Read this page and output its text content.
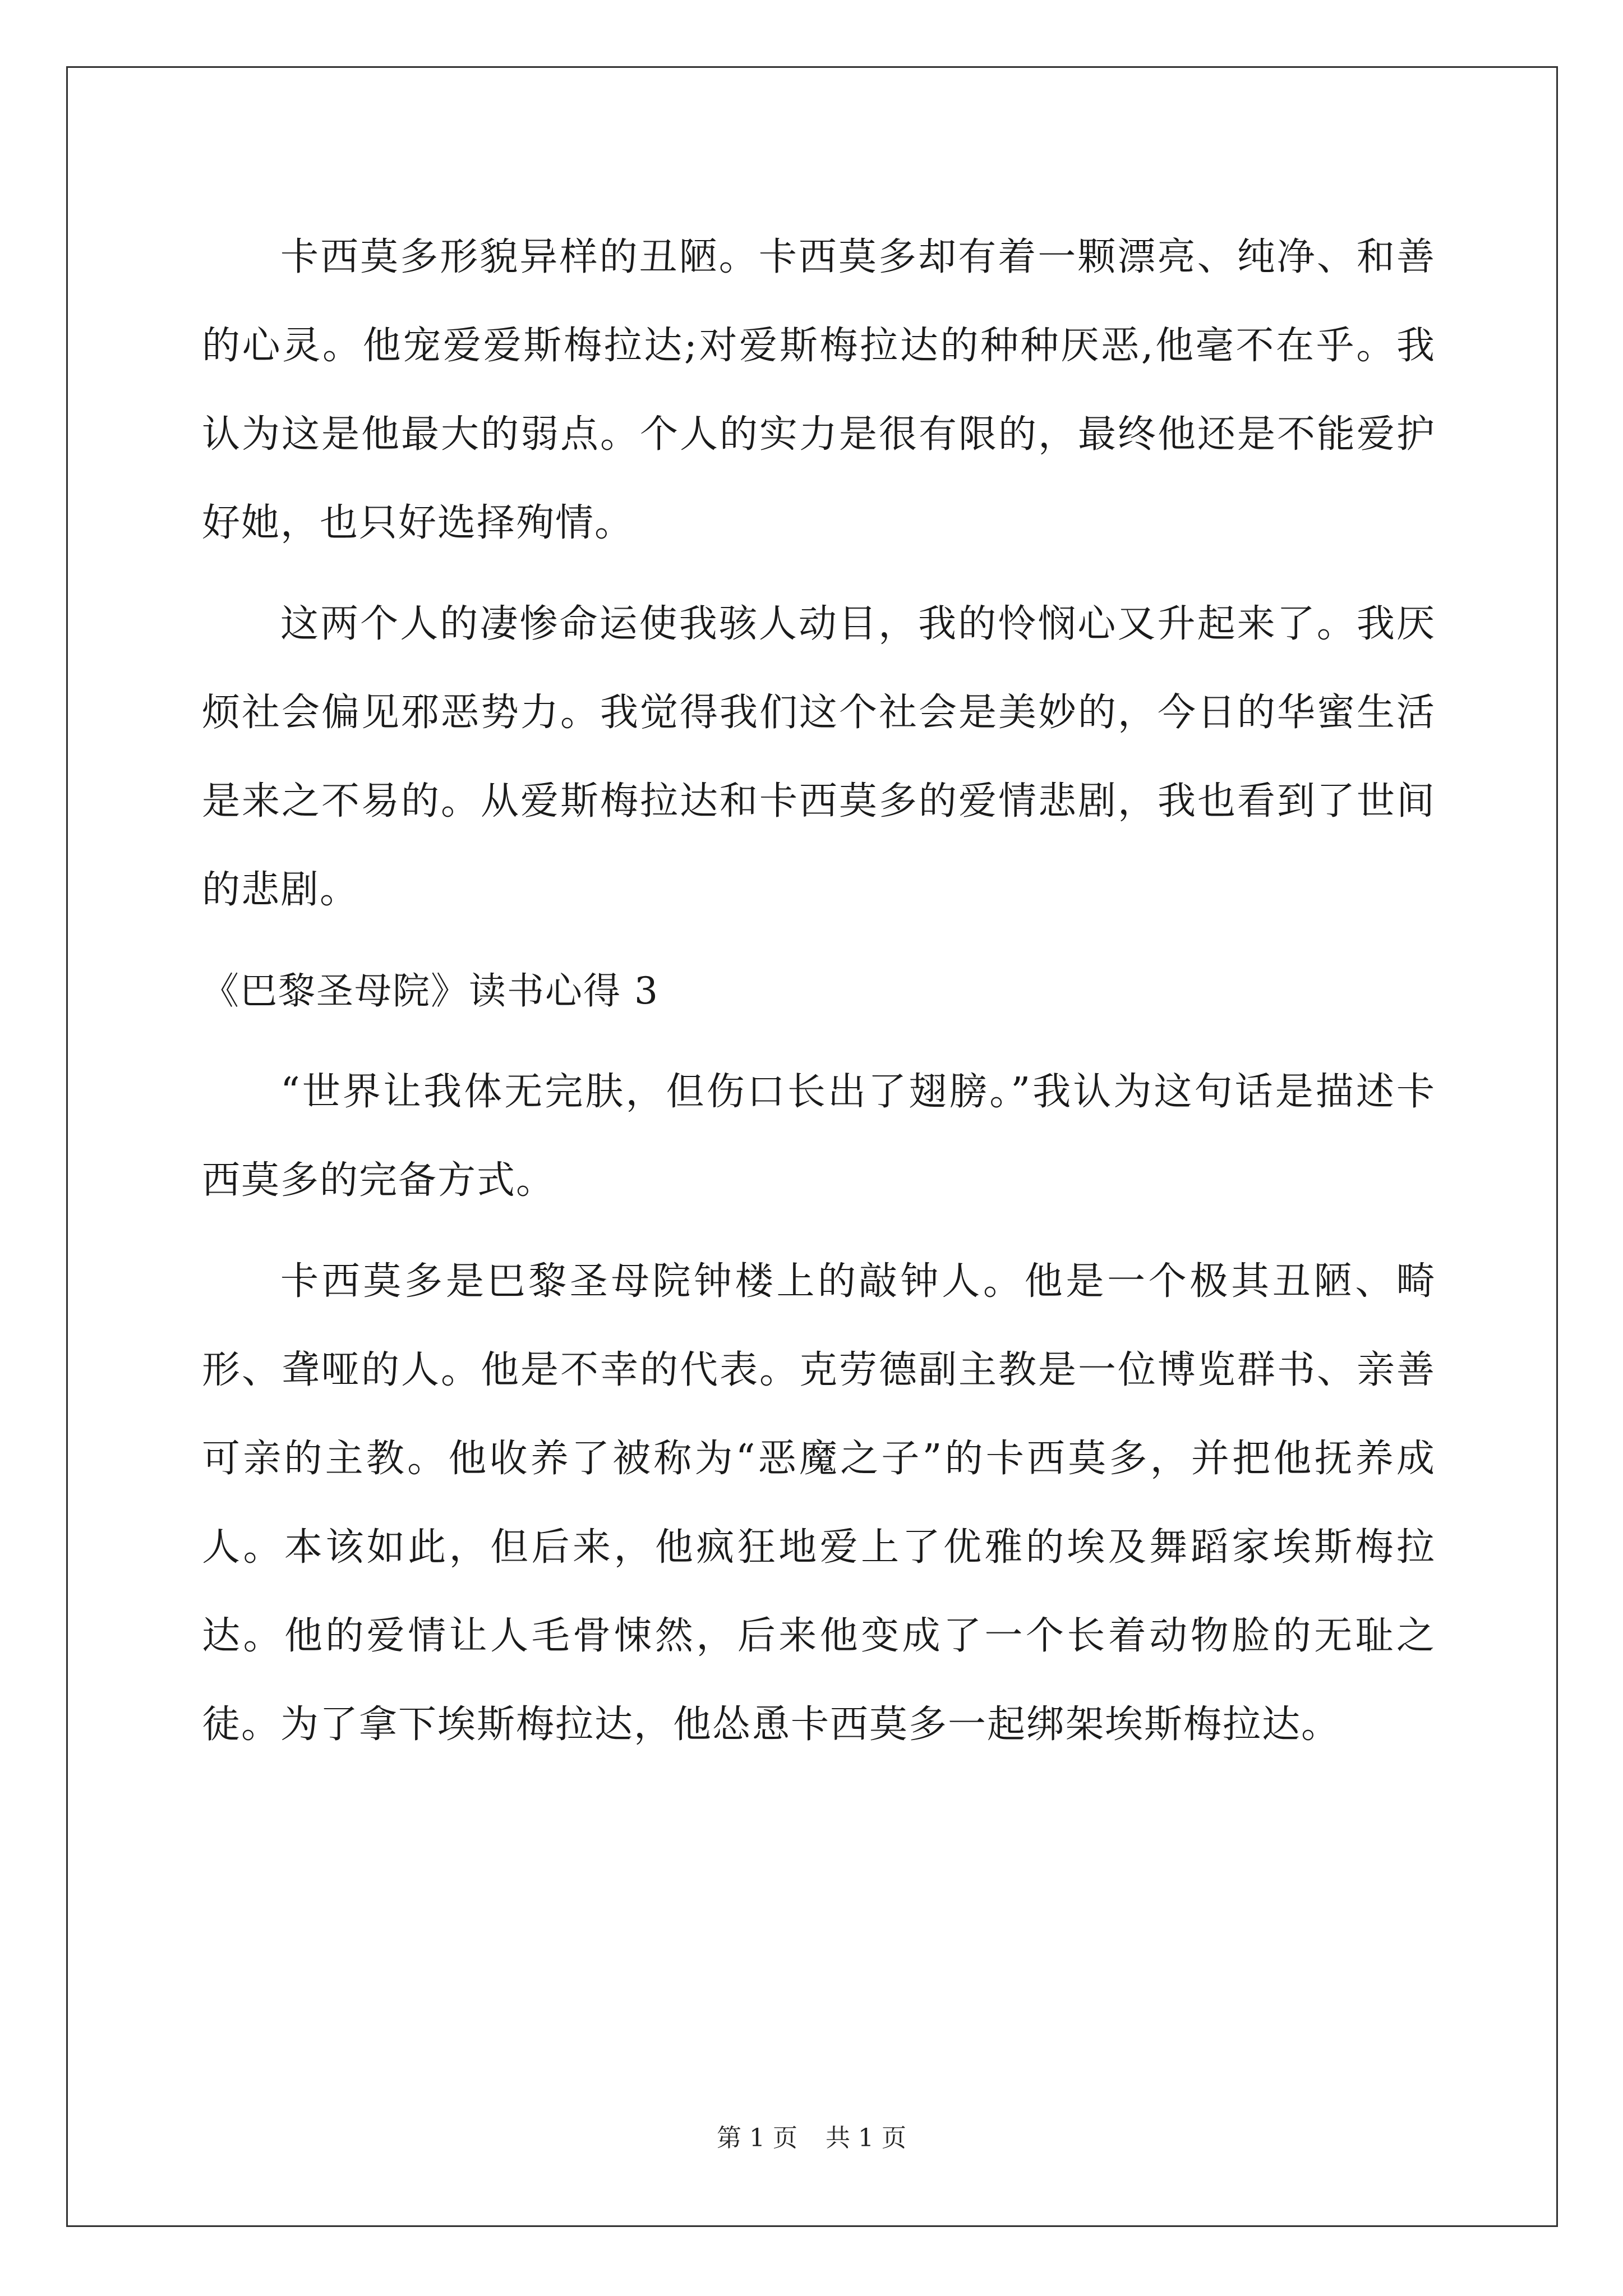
卡西莫多形貌异样的丑陋。卡西莫多却有着一颗漂亮、纯净、和善的心灵。他宠爱爱斯梅拉达;对爱斯梅拉达的种种厌恶,他毫不在乎。我认为这是他最大的弱点。个人的实力是很有限的，最终他还是不能爱护好她，也只好选择殉情。

这两个人的凄惨命运使我骇人动目，我的怜悯心又升起来了。我厌烦社会偏见邪恶势力。我觉得我们这个社会是美妙的，今日的华蜜生活是来之不易的。从爱斯梅拉达和卡西莫多的爱情悲剧，我也看到了世间的悲剧。

《巴黎圣母院》读书心得 3

“世界让我体无完肤，但伤口长出了翅膀。”我认为这句话是描述卡西莫多的完备方式。

卡西莫多是巴黎圣母院钟楼上的敲钟人。他是一个极其丑陋、畸形、聋哑的人。他是不幸的代表。克劳德副主教是一位博览群书、亲善可亲的主教。他收养了被称为“恶魔之子”的卡西莫多，并把他抚养成人。本该如此，但后来，他疯狂地爱上了优雅的埃及舞蹈家埃斯梅拉达。他的爱情让人毛骨悚然，后来他变成了一个长着动物脸的无耻之徒。为了拿下埃斯梅拉达，他怂恿卡西莫多一起绑架埃斯梅拉达。

第 1 页 共 1 页
